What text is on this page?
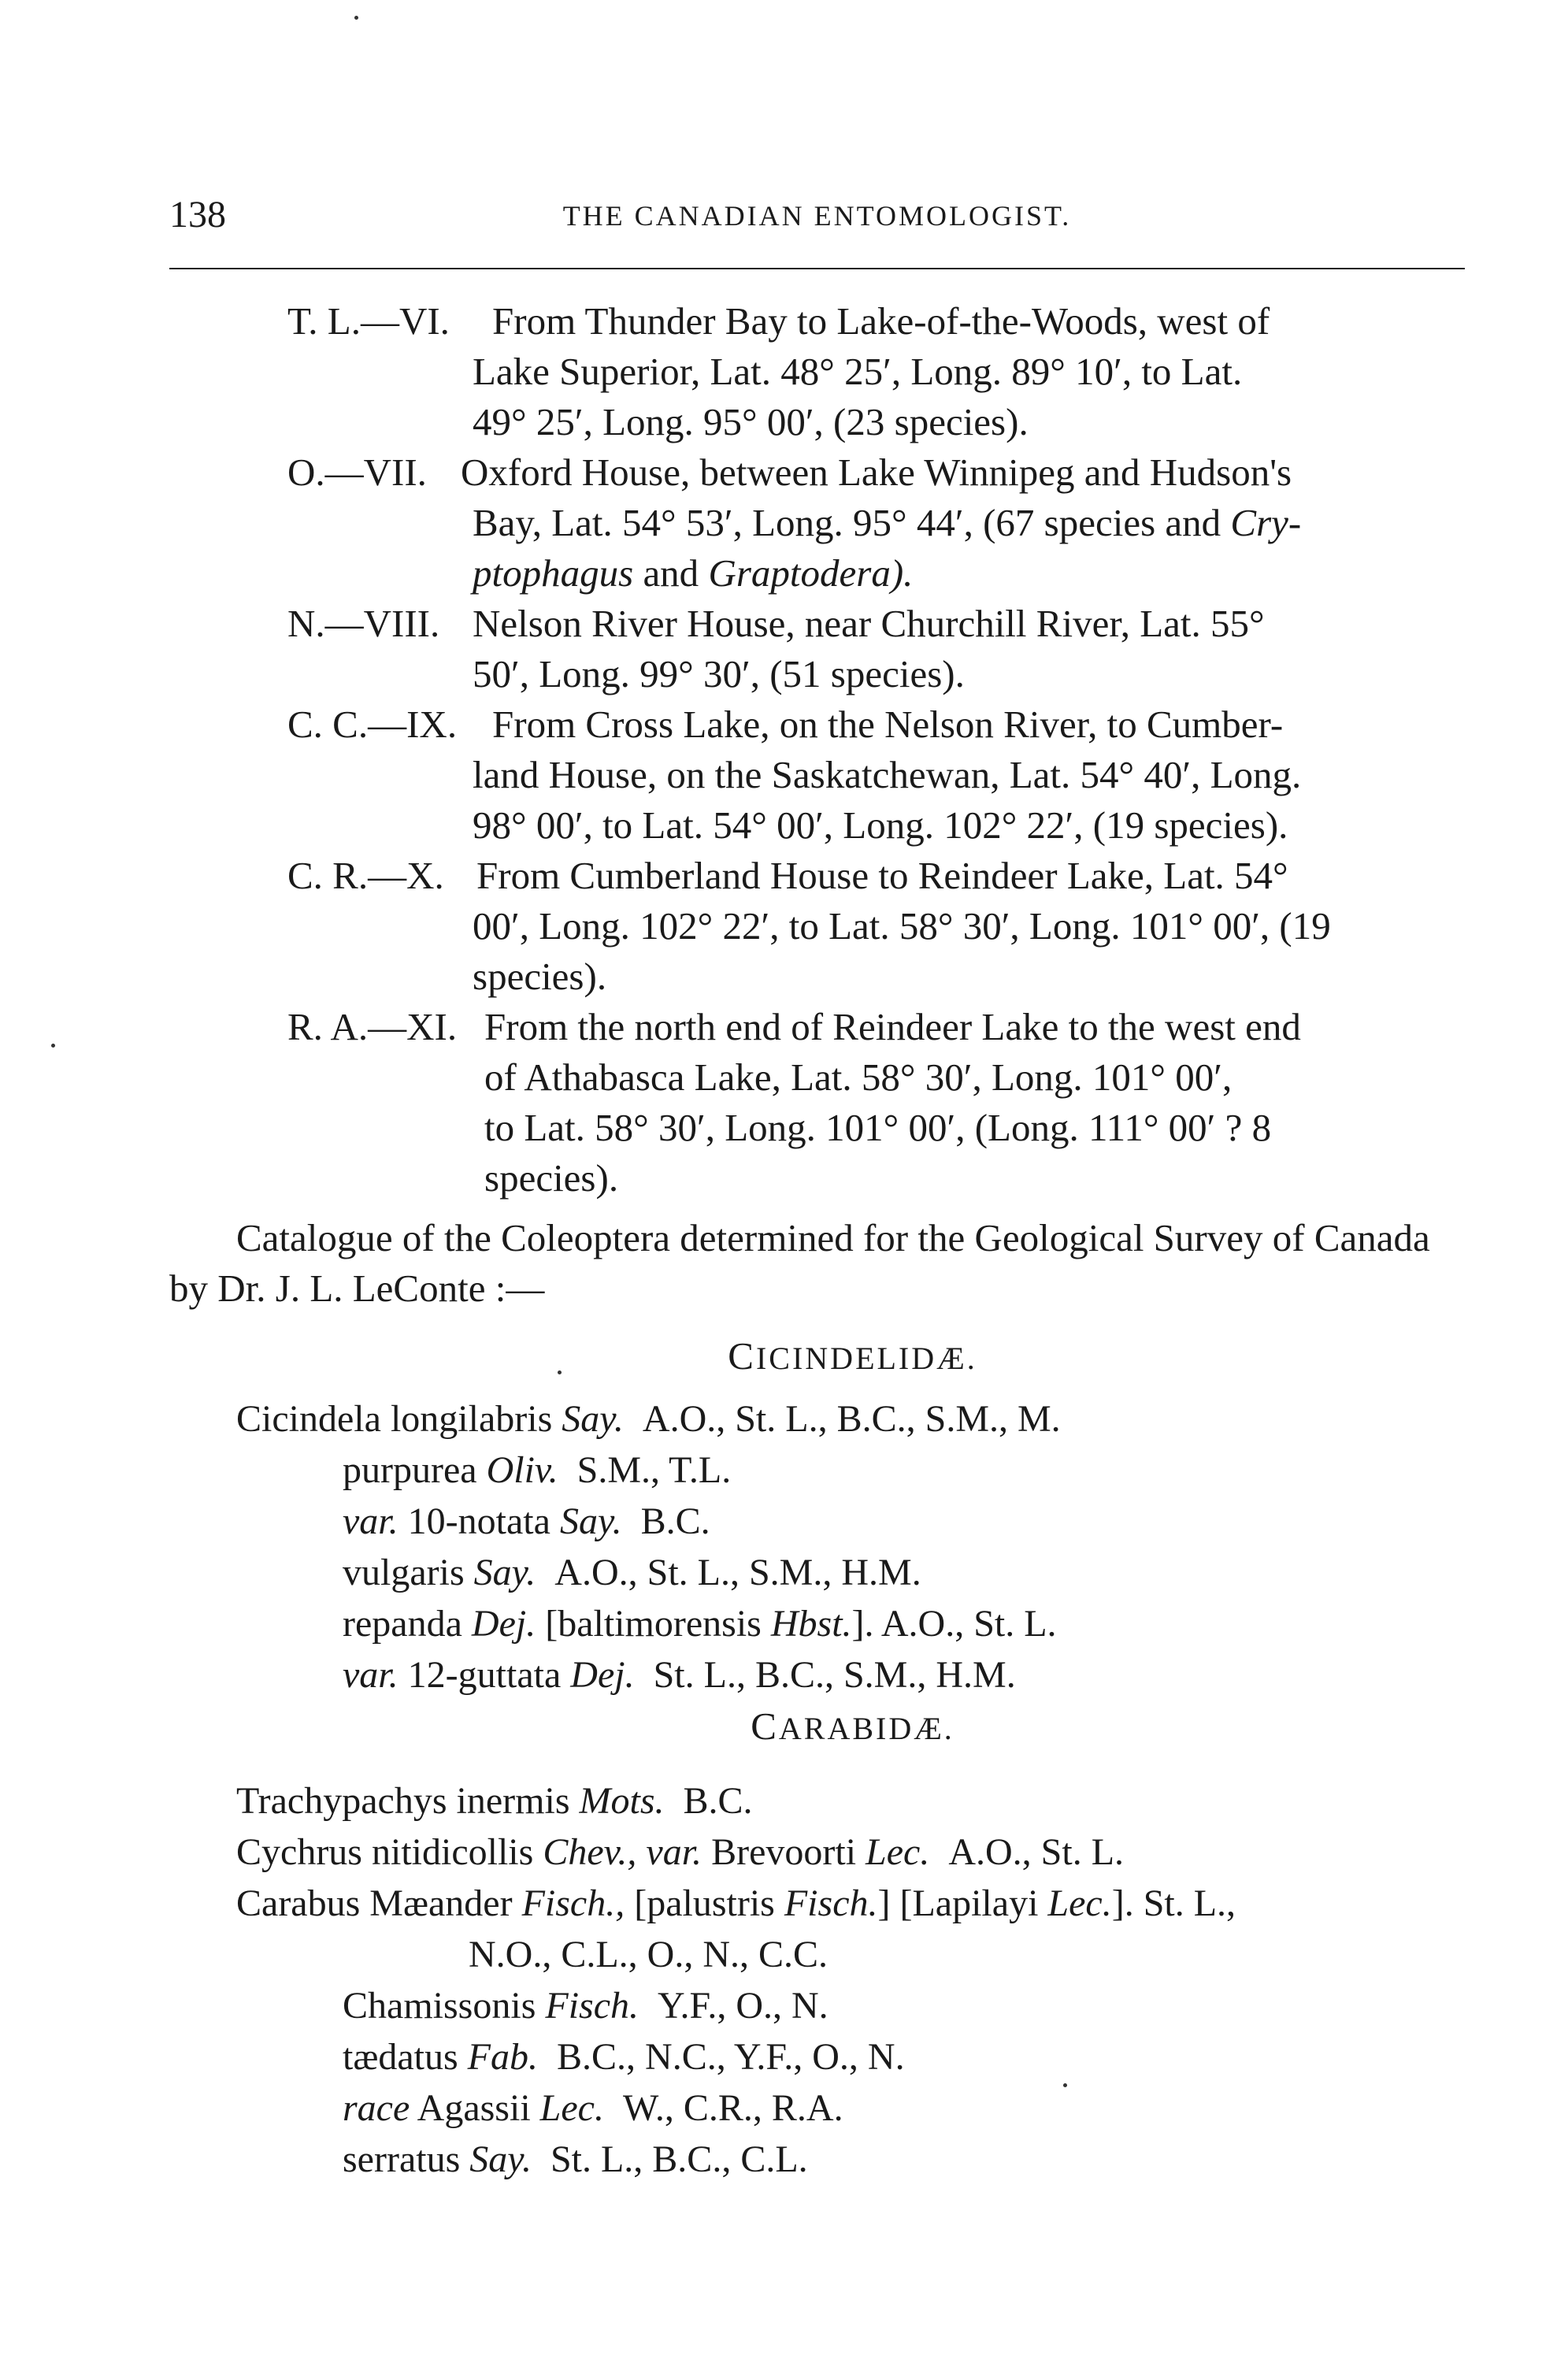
138	THE CANADIAN ENTOMOLOGIST.
T. L.—VI.	From Thunder Bay to Lake-of-the-Woods, west of
Lake Superior, Lat. 48° 25′, Long. 89° 10′, to Lat.
49° 25′, Long. 95° 00′, (23 species).
O.—VII. Oxford House, between Lake Winnipeg and Hudson's
Bay, Lat. 54° 53′, Long. 95° 44′, (67 species and Cry-
ptophagus and Graptodera).
N.—VIII. Nelson River House, near Churchill River, Lat. 55°
50′, Long. 99° 30′, (51 species).
C. C.—IX. From Cross Lake, on the Nelson River, to Cumber-
land House, on the Saskatchewan, Lat. 54° 40′, Long.
98° 00′, to Lat. 54° 00′, Long. 102° 22′, (19 species).
C. R.—X. From Cumberland House to Reindeer Lake, Lat. 54°
00′, Long. 102° 22′, to Lat. 58° 30′, Long. 101° 00′, (19
species).
R. A.—XI. From the north end of Reindeer Lake to the west end
of Athabasca Lake, Lat. 58° 30′, Long. 101° 00′,
to Lat. 58° 30′, Long. 101° 00′, (Long. 111° 00′ ? 8
species).
Catalogue of the Coleoptera determined for the Geological Survey of Canada by Dr. J. L. LeConte :—
CICINDELIDÆ.
Cicindela longilabris Say. A.O., St. L., B.C., S.M., M.
purpurea Oliv. S.M., T.L.
var. 10-notata Say. B.C.
vulgaris Say. A.O., St. L., S.M., H.M.
repanda Dej. [baltimorensis Hbst.]. A.O., St. L.
var. 12-guttata Dej. St. L., B.C., S.M., H.M.
CARABIDÆ.
Trachypachys inermis Mots. B.C.
Cychrus nitidicollis Chev., var. Brevoorti Lec. A.O., St. L.
Carabus Mæander Fisch., [palustris Fisch.] [Lapilayi Lec.]. St. L.,
N.O., C.L., O., N., C.C.
Chamissonis Fisch. Y.F., O., N.
tædatus Fab. B.C., N.C., Y.F., O., N.
race Agassii Lec. W., C.R., R.A.
serratus Say. St. L., B.C., C.L.
